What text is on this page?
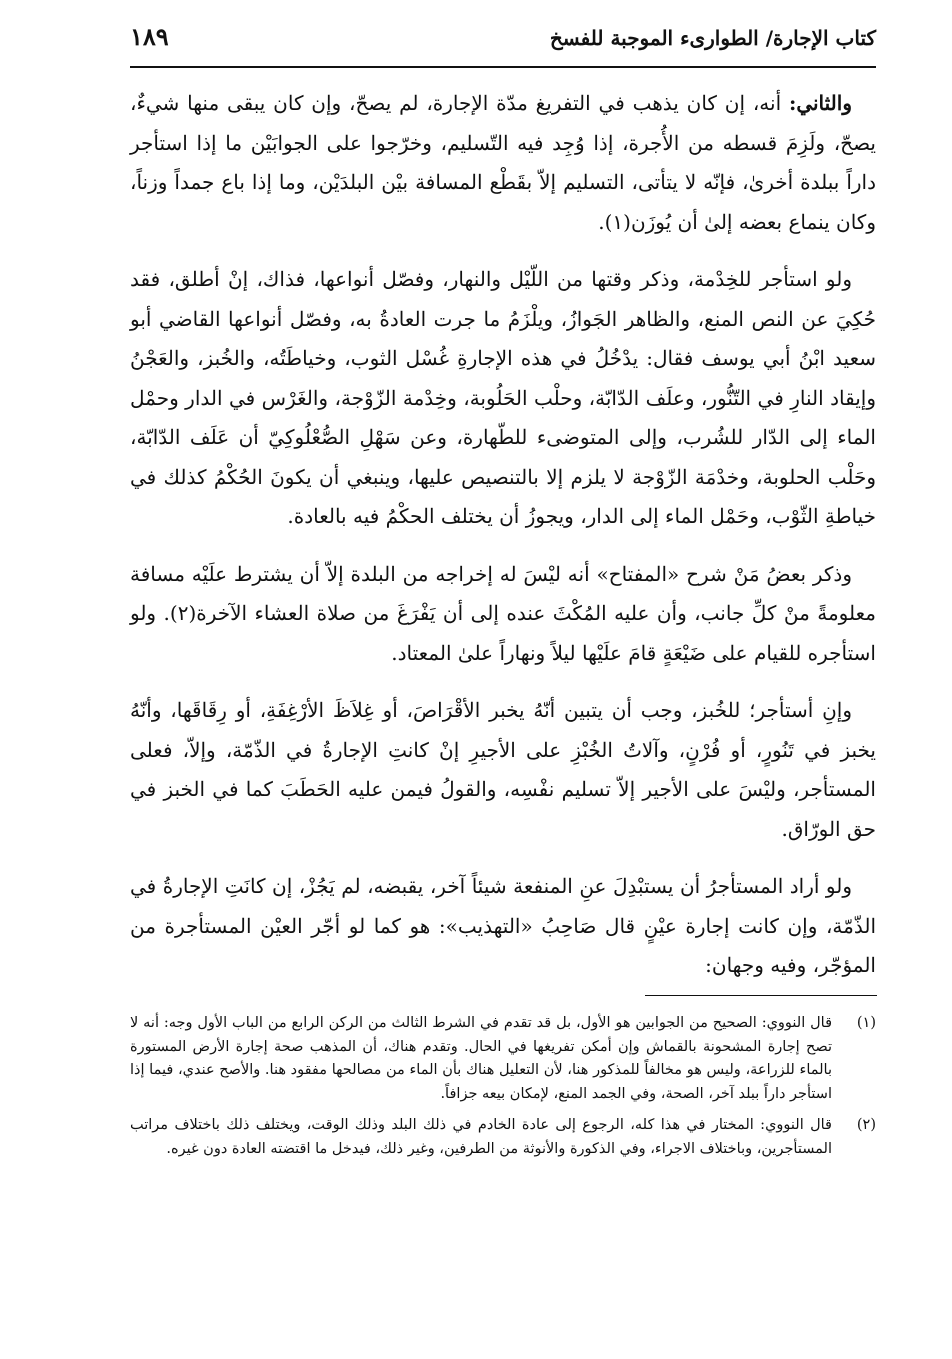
كتاب الإجارة/ الطوارىء الموجبة للفسخ
١٨٩

والثاني: أنه، إن كان يذهب في التفريغ مدّة الإجارة، لم يصحّ، وإن كان يبقى منها شيءٌ، يصحّ، ولَزِمَ قسطه من الأُجرة، إذا وُجِد فيه التّسليم، وخرّجوا على الجوابَيْن ما إذا استأجر داراً ببلدة أخرىٰ، فإنّه لا يتأتى، التسليم إلاّ بقَطْع المسافة بيْن البلدَيْن، وما إذا باع جمداً وزناً، وكان ينماع بعضه إلىٰ أن يُوزَن(١).

ولو استأجر للخِدْمة، وذكر وقتها من اللّيْل والنهار، وفصّل أنواعها، فذاك، إنْ أطلق، فقد حُكِيَ عن النص المنع، والظاهر الجَوازُ، ويلْزَمُ ما جرت العادةُ به، وفصّل أنواعها القاضي أبو سعيد ابْنُ أبي يوسف فقال: يدْخُلُ في هذه الإجارةِ غُسْل الثوب، وخياطَتُه، والخُبز، والعَجْنُ وإيقاد النارِ في التّنُّور، وعلَف الدّابّة، وحلْب الحَلُوبة، وخِدْمة الزّوْجة، والغَرْس في الدار وحمْل الماء إلى الدّار للشُرب، وإلى المتوضىء للطّهارة، وعن سَهْلِ الصُّعْلُوكِيّ أن عَلَف الدّابّة، وحَلْب الحلوبة، وخدْمَة الزّوْجة لا يلزم إلا بالتنصيص عليها، وينبغي أن يكونَ الحُكْمُ كذلك في خياطةِ الثّوْب، وحَمْل الماء إلى الدار، ويجوزُ أن يختلف الحكْمُ فيه بالعادة.

وذكر بعضُ مَنْ شرح «المفتاح» أنه ليْسَ له إخراجه من البلدة إلاّ أن يشترط علَيْه مسافة معلومةً منْ كلِّ جانب، وأن عليه المُكْثَ عنده إلى أن يَفْرَغَ من صلاة العشاء الآخرة(٢). ولو استأجره للقيام على ضَيْعَةٍ قامَ علَيْها ليلاً ونهاراً علىٰ المعتاد.

وإنِ أستأجر؛ للخُبز، وجب أن يتبين أنّهُ يخبر الأقْرَاصَ، أو غِلاَظَ الأرْغِفَةِ، أو رِقَاقَها، وأنّهُ يخبز في تَنُورٍ، أو فُرْنٍ، وآلاتُ الخُبْزِ على الأجيرِ إنْ كانتِ الإجارةُ في الذّمّة، وإلاّ، فعلى المستأجر، وليْسَ على الأجير إلاّ تسليم نفْسِه، والقولُ فيمن عليه الحَطَبَ كما في الخبز في حق الورّاق.

ولو أراد المستأجرُ أن يستبْدِلَ عنِ المنفعة شيئاً آخر، يقبضه، لم يَجُزْ، إن كانَتِ الإجارةُ في الذّمّة، وإن كانت إجارة عيْنٍ قال صَاحِبُ «التهذيب»: هو كما لو أجّر العيْن المستأجرة من المؤجّر، وفيه وجهان:

(١)
قال النووي: الصحيح من الجوابين هو الأول، بل قد تقدم في الشرط الثالث من الركن الرابع من الباب الأول وجه: أنه لا تصح إجارة المشحونة بالقماش وإن أمكن تفريغها في الحال. وتقدم هناك، أن المذهب صحة إجارة الأرض المستورة بالماء للزراعة، وليس هو مخالفاً للمذكور هنا، لأن التعليل هناك بأن الماء من مصالحها مفقود هنا. والأصح عندي، فيما إذا استأجر داراً ببلد آخر، الصحة، وفي الجمد المنع، لإمكان بيعه جزافاً.
(٢)
قال النووي: المختار في هذا كله، الرجوع إلى عادة الخادم في ذلك البلد وذلك الوقت، ويختلف ذلك باختلاف مراتب المستأجرين، وباختلاف الاجراء، وفي الذكورة والأنوثة من الطرفين، وغير ذلك، فيدخل ما اقتضته العادة دون غيره.
